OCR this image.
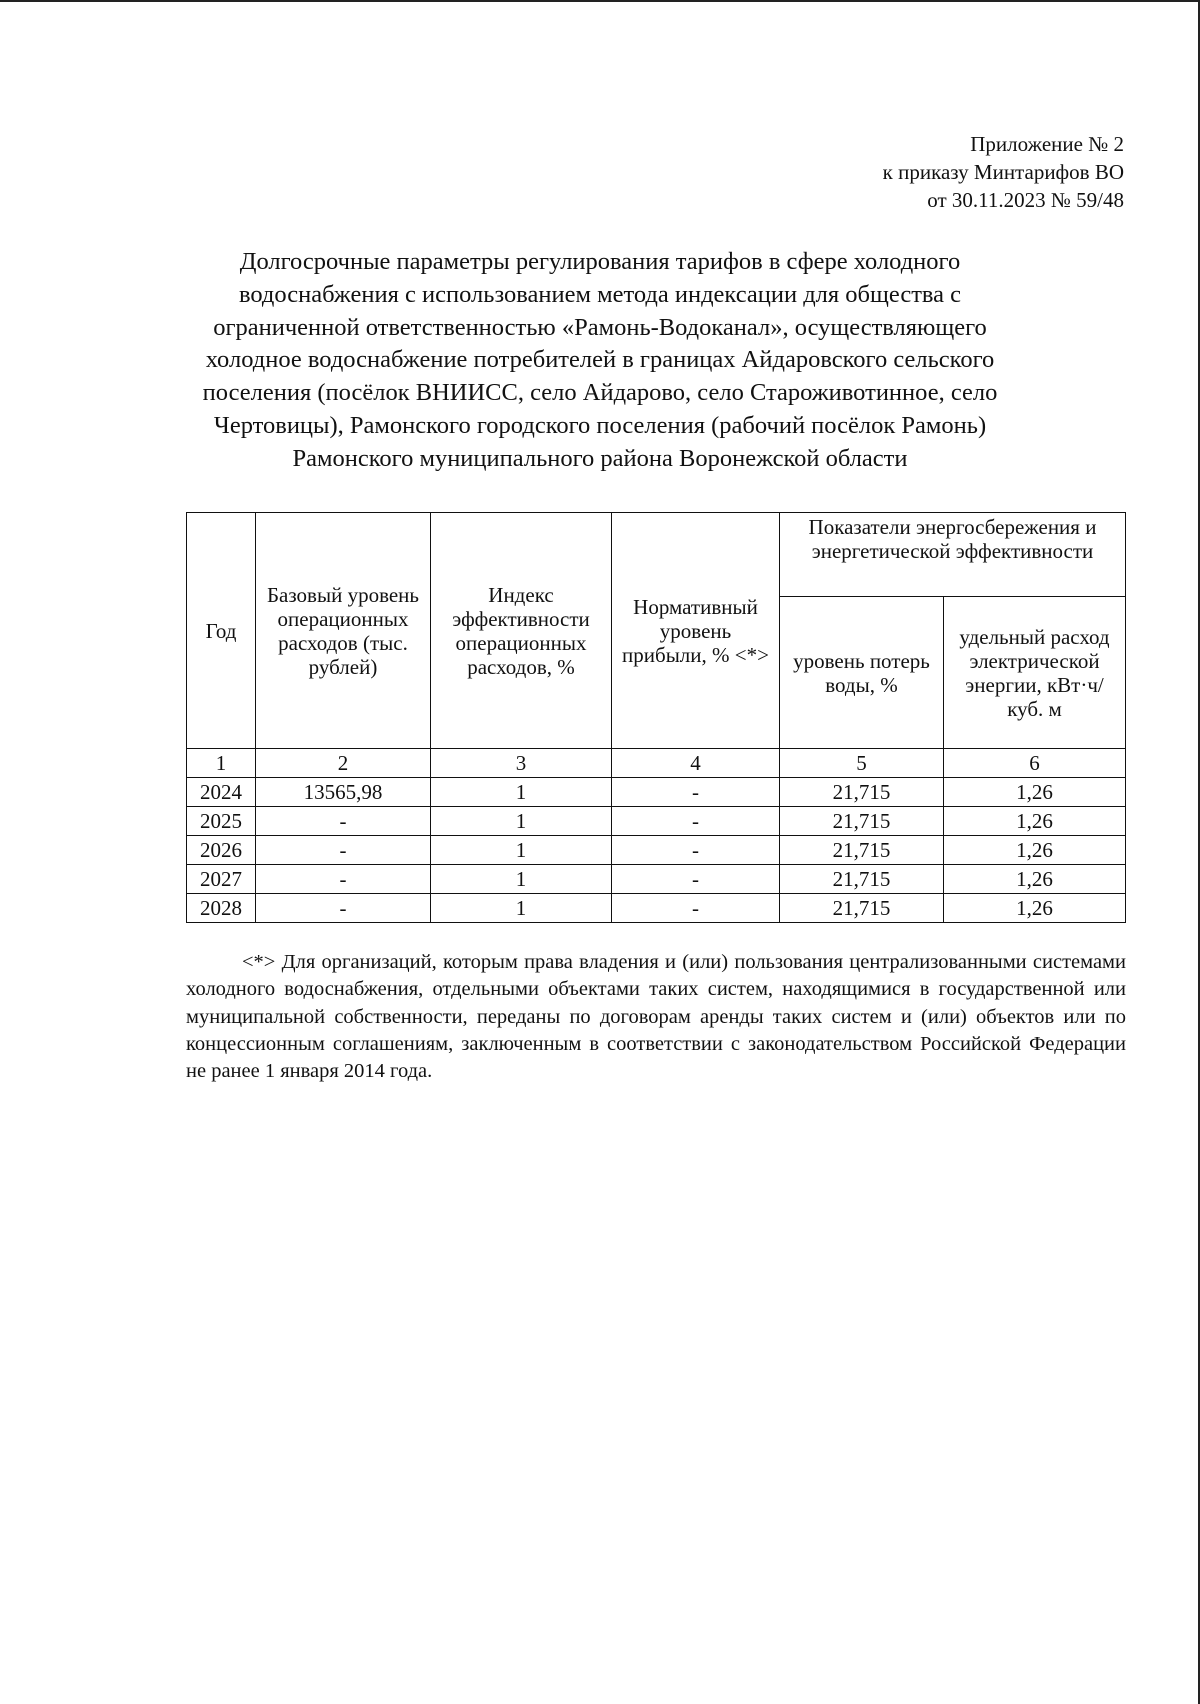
Приложение № 2
к приказу Минтарифов ВО
от 30.11.2023 № 59/48
Долгосрочные параметры регулирования тарифов в сфере холодного
водоснабжения с использованием метода индексации для общества с
ограниченной ответственностью «Рамонь-Водоканал», осуществляющего
холодное водоснабжение потребителей в границах Айдаровского сельского
поселения (посёлок ВНИИСС, село Айдарово, село Староживотинное, село
Чертовицы), Рамонского городского поселения (рабочий посёлок Рамонь)
Рамонского муниципального района Воронежской области
Год	Базовый уровень операционных расходов (тыс. рублей)	Индекс эффективности операционных расходов, %	Нормативный уровень прибыли, % <*>	Показатели энергосбережения и энергетической эффективности	
				уровень потерь воды, %	удельный расход электрической энергии, кВт·ч/куб. м
1	2	3	4	5	6
2024	13565,98	1	-	21,715	1,26
2025	-	1	-	21,715	1,26
2026	-	1	-	21,715	1,26
2027	-	1	-	21,715	1,26
2028	-	1	-	21,715	1,26

<*> Для организаций, которым права владения и (или) пользования централизованными системами холодного водоснабжения, отдельными объектами таких систем, находящимися в государственной или муниципальной собственности, переданы по договорам аренды таких систем и (или) объектов или по концессионным соглашениям, заключенным в соответствии с законодательством Российской Федерации не ранее 1 января 2014 года.
